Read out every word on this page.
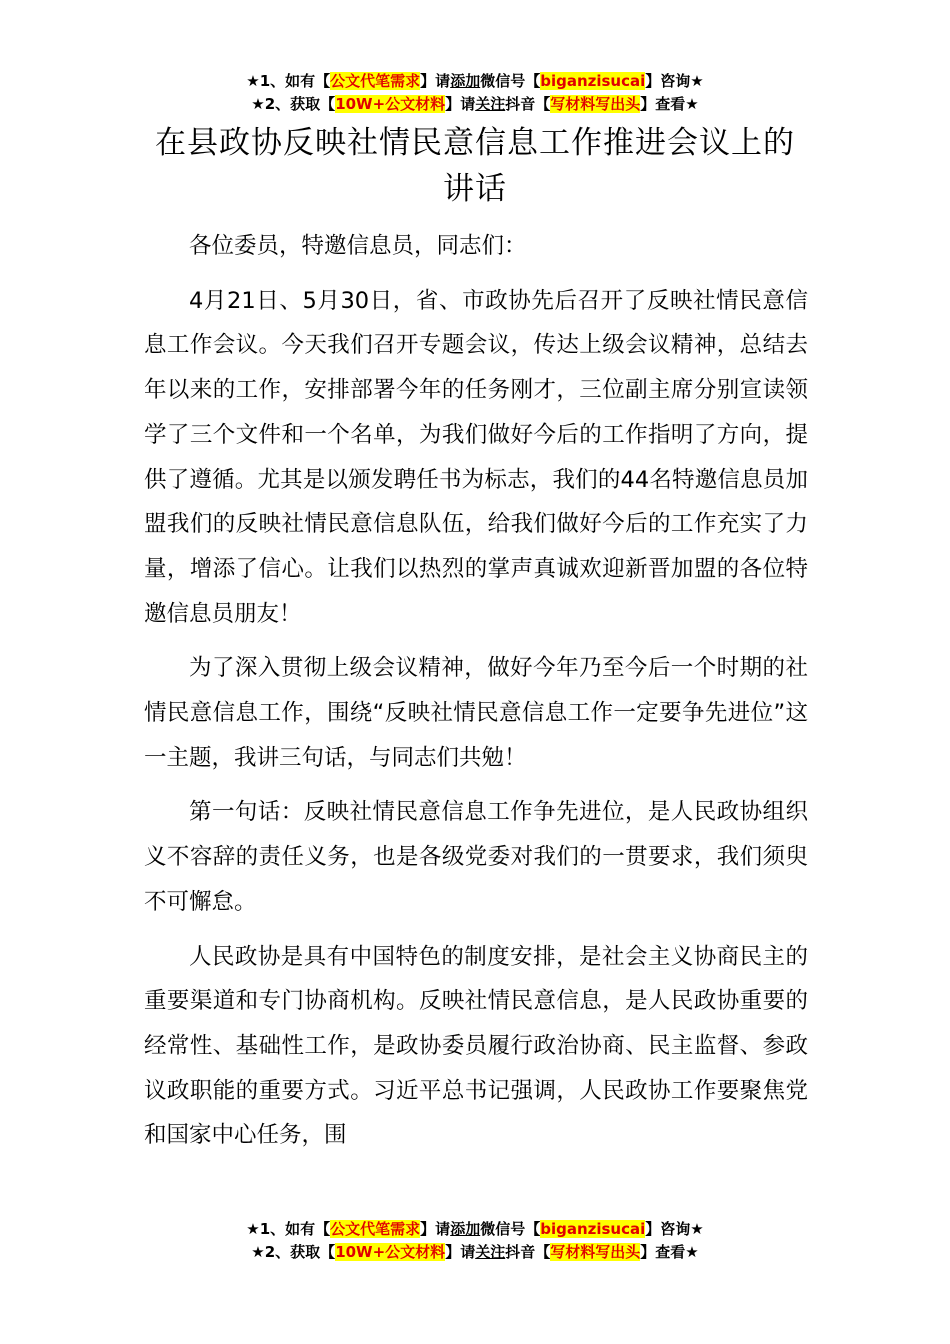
★1、如有【公文代笔需求】请添加微信号【biganzisucai】咨询★
★2、获取【10W+公文材料】请关注抖音【写材料写出头】查看★
在县政协反映社情民意信息工作推进会议上的讲话

各位委员，特邀信息员，同志们：

4月21日、5月30日，省、市政协先后召开了反映社情民意信息工作会议。今天我们召开专题会议，传达上级会议精神，总结去年以来的工作，安排部署今年的任务刚才，三位副主席分别宣读领学了三个文件和一个名单，为我们做好今后的工作指明了方向，提供了遵循。尤其是以颁发聘任书为标志，我们的44名特邀信息员加盟我们的反映社情民意信息队伍，给我们做好今后的工作充实了力量，增添了信心。让我们以热烈的掌声真诚欢迎新晋加盟的各位特邀信息员朋友！

为了深入贯彻上级会议精神，做好今年乃至今后一个时期的社情民意信息工作，围绕“反映社情民意信息工作一定要争先进位”这一主题，我讲三句话，与同志们共勉！

第一句话：反映社情民意信息工作争先进位，是人民政协组织义不容辞的责任义务，也是各级党委对我们的一贯要求，我们须臾不可懈怠。

人民政协是具有中国特色的制度安排，是社会主义协商民主的重要渠道和专门协商机构。反映社情民意信息，是人民政协重要的经常性、基础性工作，是政协委员履行政治协商、民主监督、参政议政职能的重要方式。习近平总书记强调，人民政协工作要聚焦党和国家中心任务，围

★1、如有【公文代笔需求】请添加微信号【biganzisucai】咨询★
★2、获取【10W+公文材料】请关注抖音【写材料写出头】查看★
